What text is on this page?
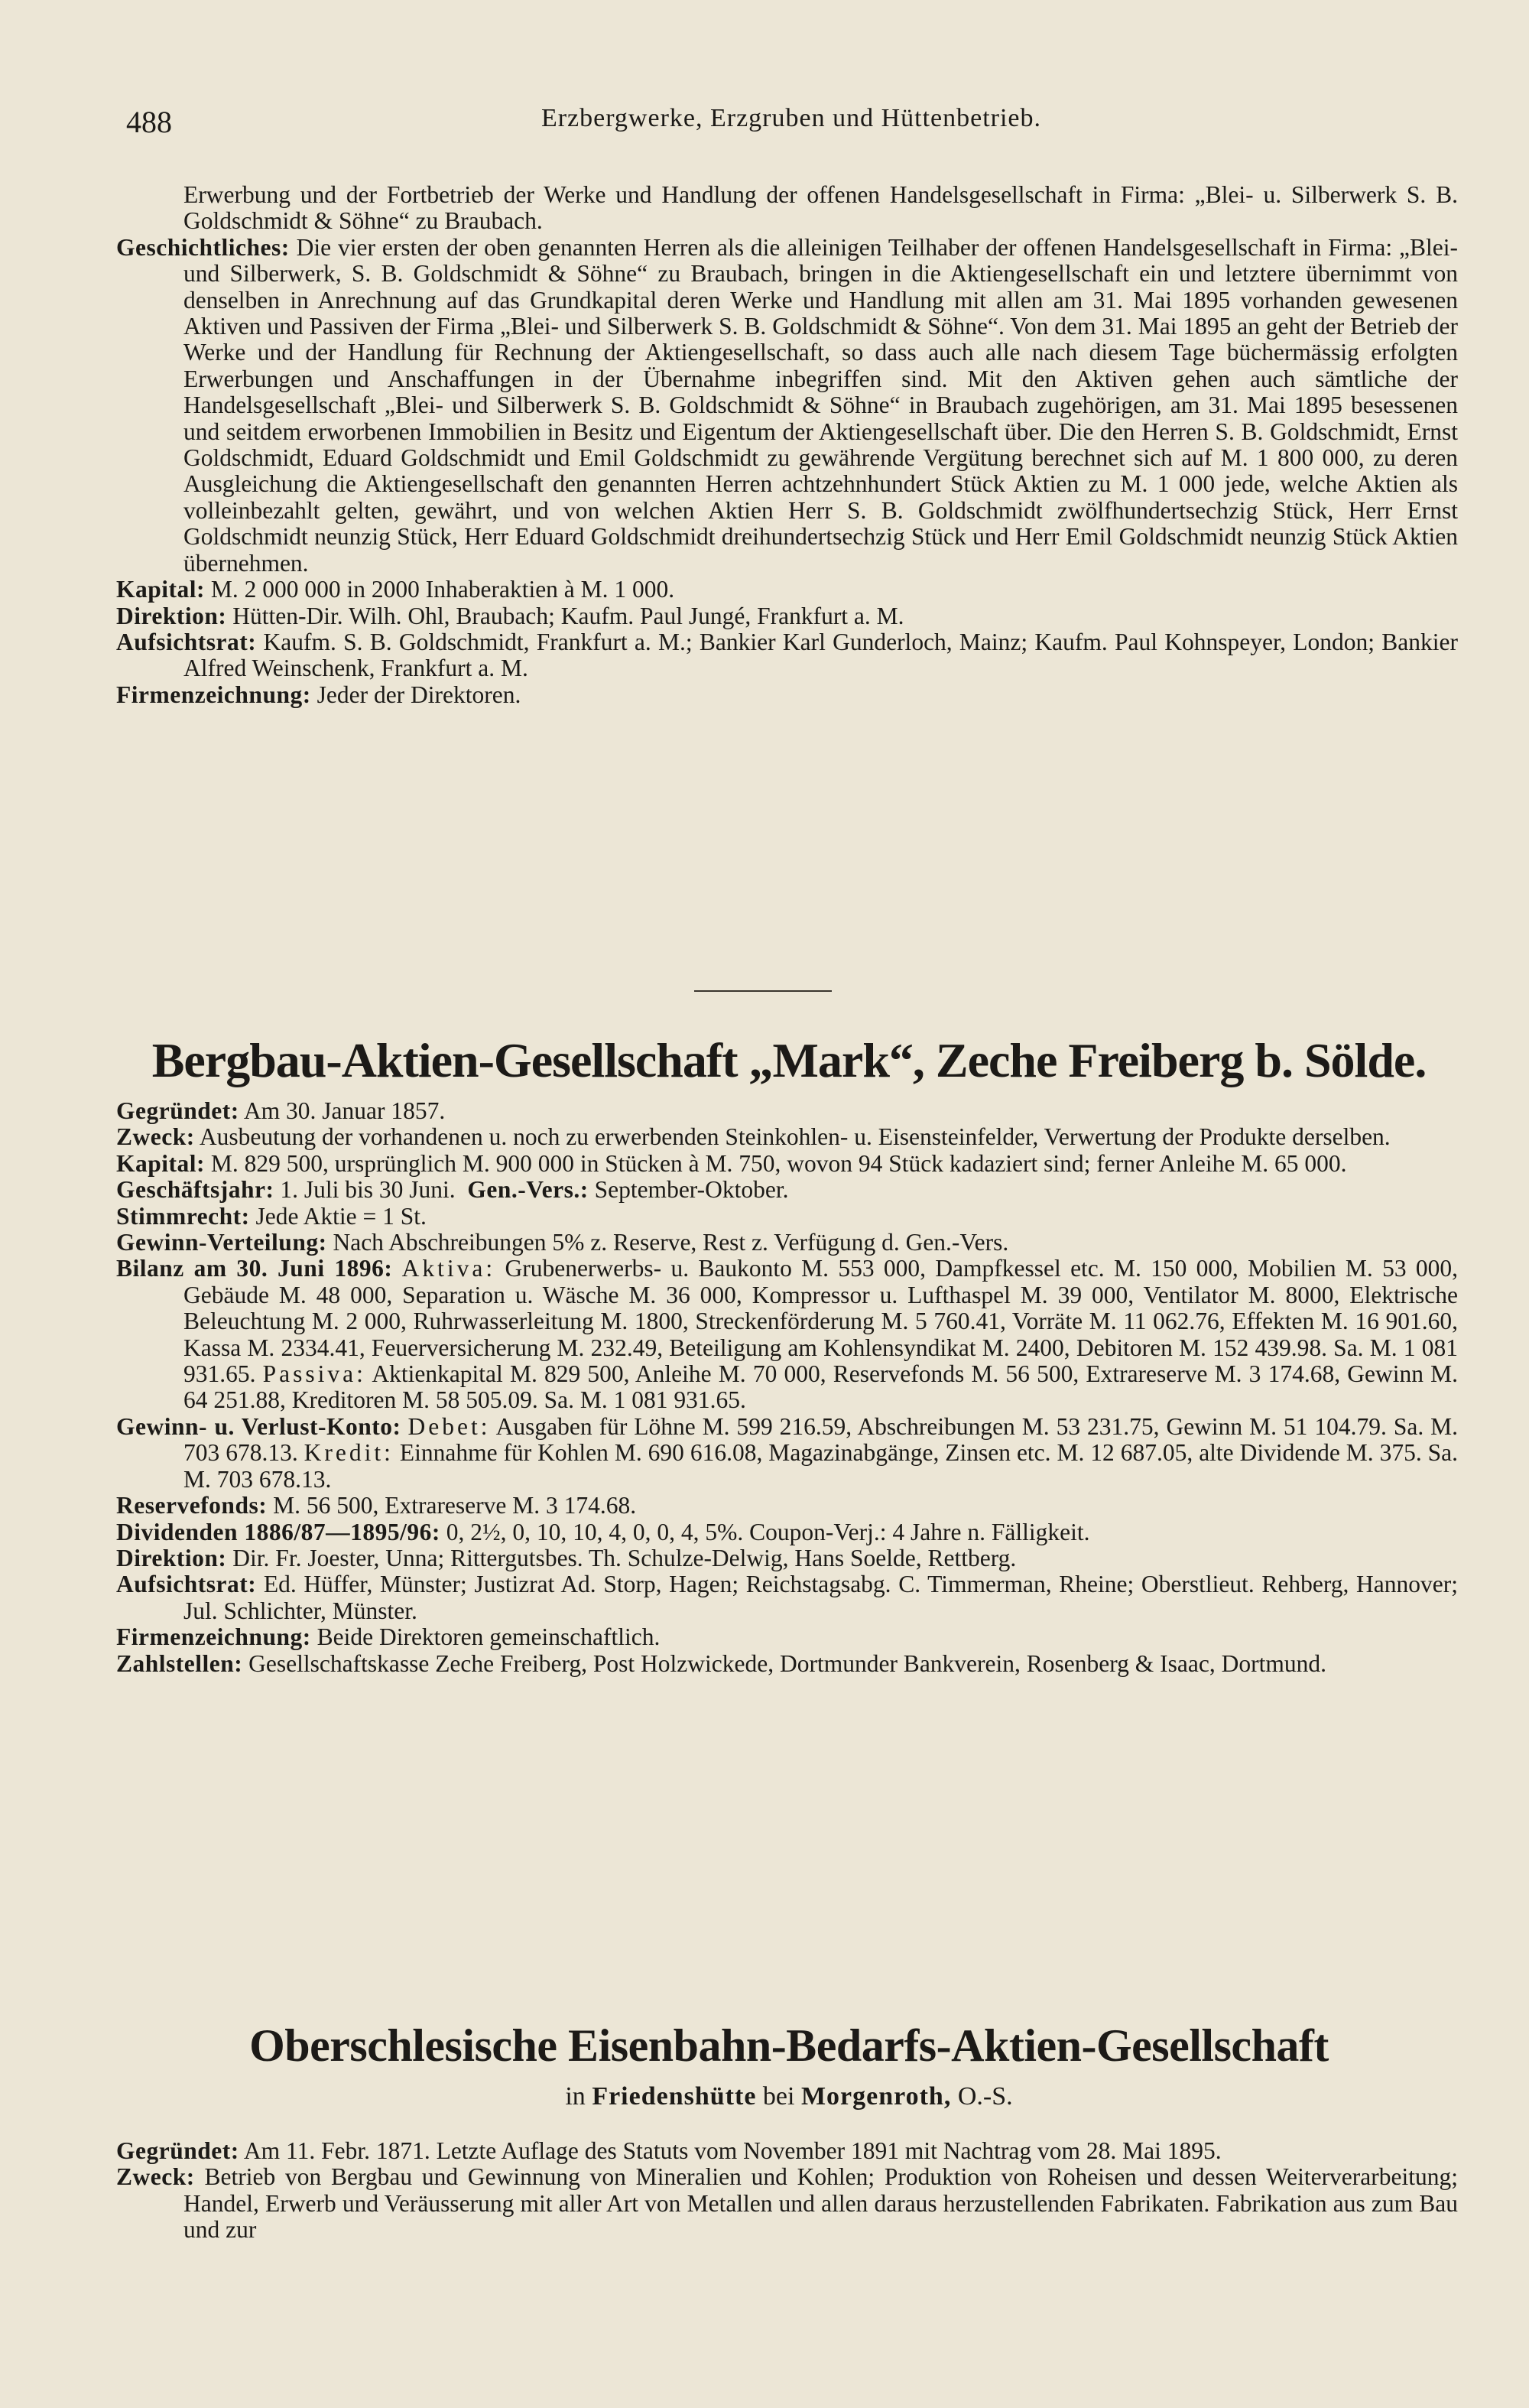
488	Erzbergwerke, Erzgruben und Hüttenbetrieb.

Erwerbung und der Fortbetrieb der Werke und Handlung der offenen Handelsgesellschaft in Firma: „Blei- u. Silberwerk S. B. Goldschmidt & Söhne“ zu Braubach.

Geschichtliches: Die vier ersten der oben genannten Herren als die alleinigen Teilhaber der offenen Handelsgesellschaft in Firma: „Blei- und Silberwerk, S. B. Goldschmidt & Söhne“ zu Braubach, bringen in die Aktiengesellschaft ein und letztere übernimmt von denselben in Anrechnung auf das Grundkapital deren Werke und Handlung mit allen am 31. Mai 1895 vorhanden gewesenen Aktiven und Passiven der Firma „Blei- und Silberwerk S. B. Goldschmidt & Söhne“. Von dem 31. Mai 1895 an geht der Betrieb der Werke und der Handlung für Rechnung der Aktiengesellschaft, so dass auch alle nach diesem Tage büchermässig erfolgten Erwerbungen und Anschaffungen in der Übernahme inbegriffen sind. Mit den Aktiven gehen auch sämtliche der Handelsgesellschaft „Blei- und Silberwerk S. B. Goldschmidt & Söhne“ in Braubach zugehörigen, am 31. Mai 1895 besessenen und seitdem erworbenen Immobilien in Besitz und Eigentum der Aktiengesellschaft über. Die den Herren S. B. Goldschmidt, Ernst Goldschmidt, Eduard Goldschmidt und Emil Goldschmidt zu gewährende Vergütung berechnet sich auf M. 1 800 000, zu deren Ausgleichung die Aktiengesellschaft den genannten Herren achtzehnhundert Stück Aktien zu M. 1 000 jede, welche Aktien als volleinbezahlt gelten, gewährt, und von welchen Aktien Herr S. B. Goldschmidt zwölfhundertsechzig Stück, Herr Ernst Goldschmidt neunzig Stück, Herr Eduard Goldschmidt dreihundertsechzig Stück und Herr Emil Goldschmidt neunzig Stück Aktien übernehmen.

Kapital: M. 2 000 000 in 2000 Inhaberaktien à M. 1 000.

Direktion: Hütten-Dir. Wilh. Ohl, Braubach; Kaufm. Paul Jungé, Frankfurt a. M.

Aufsichtsrat: Kaufm. S. B. Goldschmidt, Frankfurt a. M.; Bankier Karl Gunderloch, Mainz; Kaufm. Paul Kohnspeyer, London; Bankier Alfred Weinschenk, Frankfurt a. M.

Firmenzeichnung: Jeder der Direktoren.

Bergbau-Aktien-Gesellschaft „Mark“, Zeche Freiberg b. Sölde.

Gegründet: Am 30. Januar 1857.

Zweck: Ausbeutung der vorhandenen u. noch zu erwerbenden Steinkohlen- u. Eisensteinfelder, Verwertung der Produkte derselben.

Kapital: M. 829 500, ursprünglich M. 900 000 in Stücken à M. 750, wovon 94 Stück kadaziert sind; ferner Anleihe M. 65 000.

Geschäftsjahr: 1. Juli bis 30 Juni. Gen.-Vers.: September-Oktober.

Stimmrecht: Jede Aktie = 1 St.

Gewinn-Verteilung: Nach Abschreibungen 5% z. Reserve, Rest z. Verfügung d. Gen.-Vers.

Bilanz am 30. Juni 1896: Aktiva: Grubenerwerbs- u. Baukonto M. 553 000, Dampfkessel etc. M. 150 000, Mobilien M. 53 000, Gebäude M. 48 000, Separation u. Wäsche M. 36 000, Kompressor u. Lufthaspel M. 39 000, Ventilator M. 8000, Elektrische Beleuchtung M. 2 000, Ruhrwasserleitung M. 1800, Streckenförderung M. 5 760.41, Vorräte M. 11 062.76, Effekten M. 16 901.60, Kassa M. 2334.41, Feuerversicherung M. 232.49, Beteiligung am Kohlensyndikat M. 2400, Debitoren M. 152 439.98. Sa. M. 1 081 931.65. Passiva: Aktienkapital M. 829 500, Anleihe M. 70 000, Reservefonds M. 56 500, Extrareserve M. 3 174.68, Gewinn M. 64 251.88, Kreditoren M. 58 505.09. Sa. M. 1 081 931.65.

Gewinn- u. Verlust-Konto: Debet: Ausgaben für Löhne M. 599 216.59, Abschreibungen M. 53 231.75, Gewinn M. 51 104.79. Sa. M. 703 678.13. Kredit: Einnahme für Kohlen M. 690 616.08, Magazinabgänge, Zinsen etc. M. 12 687.05, alte Dividende M. 375. Sa. M. 703 678.13.

Reservefonds: M. 56 500, Extrareserve M. 3 174.68.

Dividenden 1886/87—1895/96: 0, 2½, 0, 10, 10, 4, 0, 0, 4, 5%. Coupon-Verj.: 4 Jahre n. Fälligkeit.

Direktion: Dir. Fr. Joester, Unna; Rittergutsbes. Th. Schulze-Delwig, Hans Soelde, Rettberg.

Aufsichtsrat: Ed. Hüffer, Münster; Justizrat Ad. Storp, Hagen; Reichstagsabg. C. Timmerman, Rheine; Oberstlieut. Rehberg, Hannover; Jul. Schlichter, Münster.

Firmenzeichnung: Beide Direktoren gemeinschaftlich.

Zahlstellen: Gesellschaftskasse Zeche Freiberg, Post Holzwickede, Dortmunder Bankverein, Rosenberg & Isaac, Dortmund.

Oberschlesische Eisenbahn-Bedarfs-Aktien-Gesellschaft
in Friedenshütte bei Morgenroth, O.-S.

Gegründet: Am 11. Febr. 1871. Letzte Auflage des Statuts vom November 1891 mit Nachtrag vom 28. Mai 1895.

Zweck: Betrieb von Bergbau und Gewinnung von Mineralien und Kohlen; Produktion von Roheisen und dessen Weiterverarbeitung; Handel, Erwerb und Veräusserung mit aller Art von Metallen und allen daraus herzustellenden Fabrikaten. Fabrikation aus zum Bau und zur
